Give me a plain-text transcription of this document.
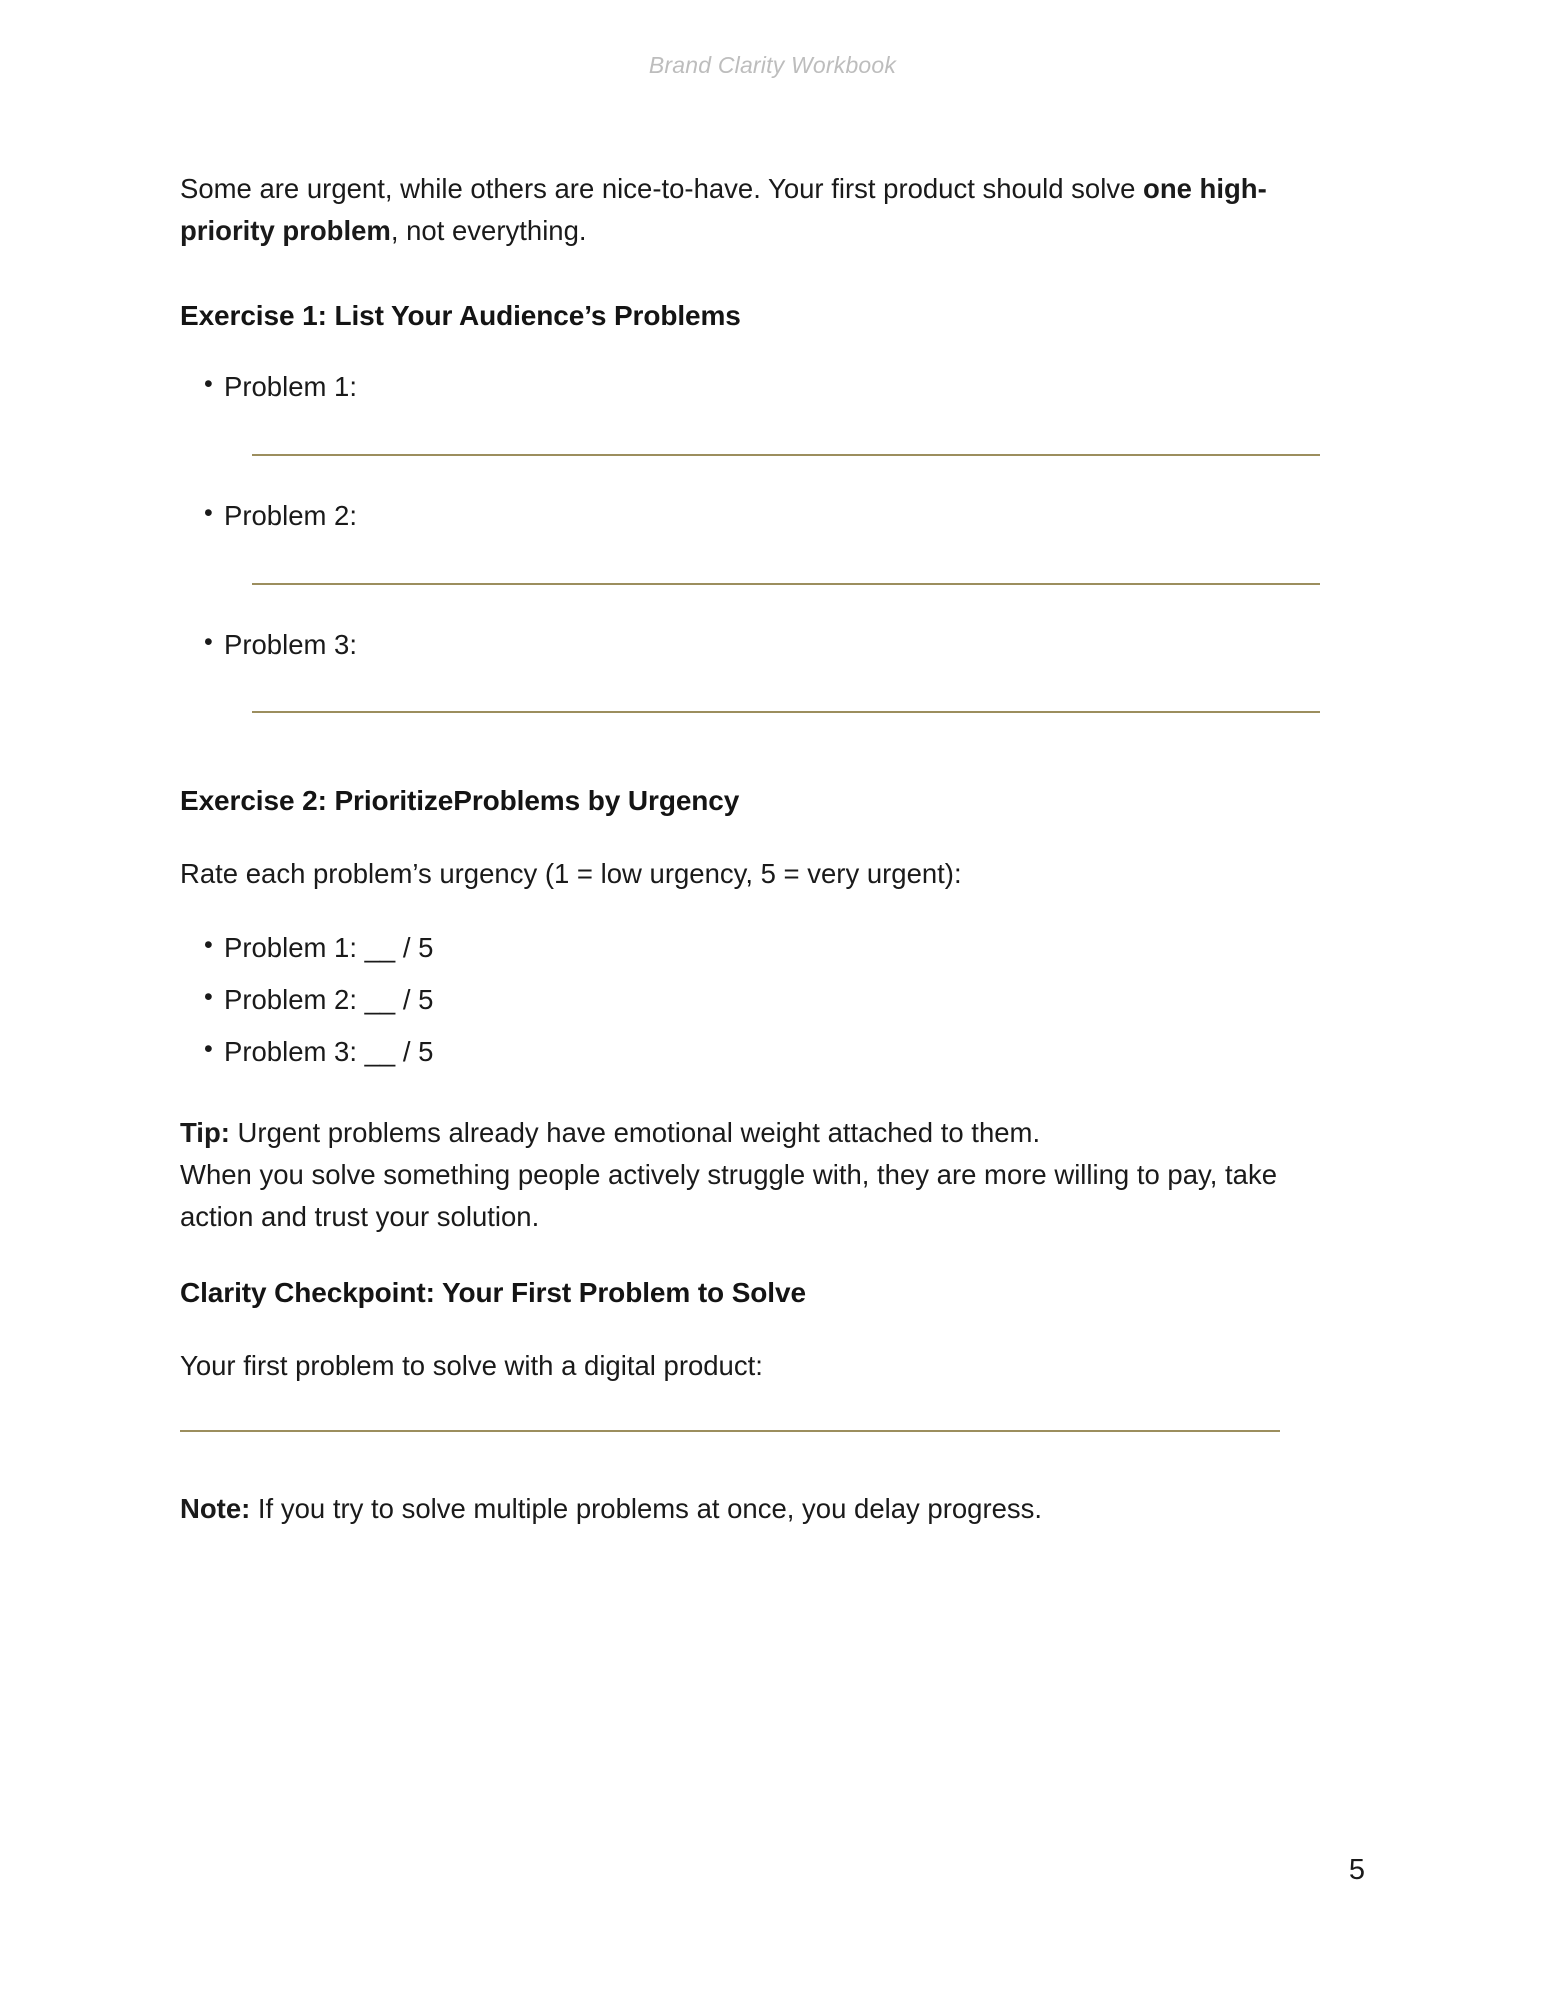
Brand Clarity Workbook

Some are urgent, while others are nice-to-have. Your first product should solve one high-priority problem, not everything.

Exercise 1: List Your Audience’s Problems
• Problem 1:
• Problem 2:
• Problem 3:
Exercise 2: PrioritizeProblems by Urgency

Rate each problem’s urgency (1 = low urgency, 5 = very urgent):

• Problem 1: __ / 5
• Problem 2: __ / 5
• Problem 3: __ / 5

Tip: Urgent problems already have emotional weight attached to them.

When you solve something people actively struggle with, they are more willing to pay, take action and trust your solution.

Clarity Checkpoint: Your First Problem to Solve

Your first problem to solve with a digital product:

Note: If you try to solve multiple problems at once, you delay progress.

5
